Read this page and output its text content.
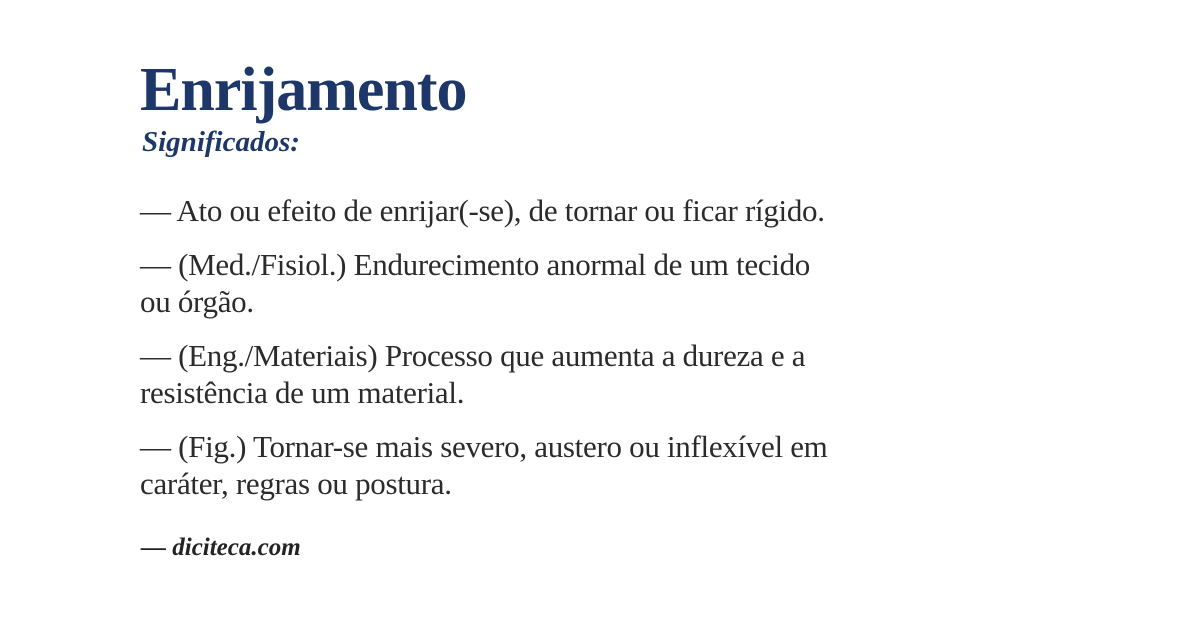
Enrijamento
Significados:
— Ato ou efeito de enrijar(-se), de tornar ou ficar rígido.
— (Med./Fisiol.) Endurecimento anormal de um tecido
ou órgão.
— (Eng./Materiais) Processo que aumenta a dureza e a
resistência de um material.
— (Fig.) Tornar-se mais severo, austero ou inflexível em
caráter, regras ou postura.
— diciteca.com
